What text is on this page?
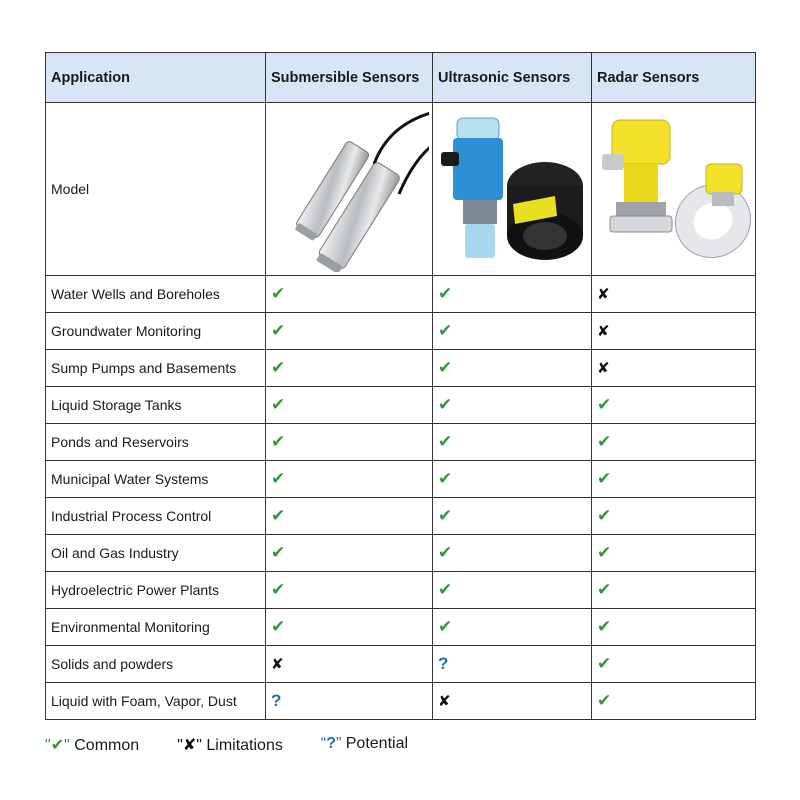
Application	Submersible Sensors	Ultrasonic Sensors	Radar Sensors
Model			
Water Wells and Boreholes	✔	✔	✘
Groundwater Monitoring	✔	✔	✘
Sump Pumps and Basements	✔	✔	✘
Liquid Storage Tanks	✔	✔	✔
Ponds and Reservoirs	✔	✔	✔
Municipal Water Systems	✔	✔	✔
Industrial Process Control	✔	✔	✔
Oil and Gas Industry	✔	✔	✔
Hydroelectric Power Plants	✔	✔	✔
Environmental Monitoring	✔	✔	✔
Solids and powders	✘	?	✔
Liquid with Foam, Vapor, Dust	?	✘	✔
"✔" Common "✘" Limitations “?” Potential
